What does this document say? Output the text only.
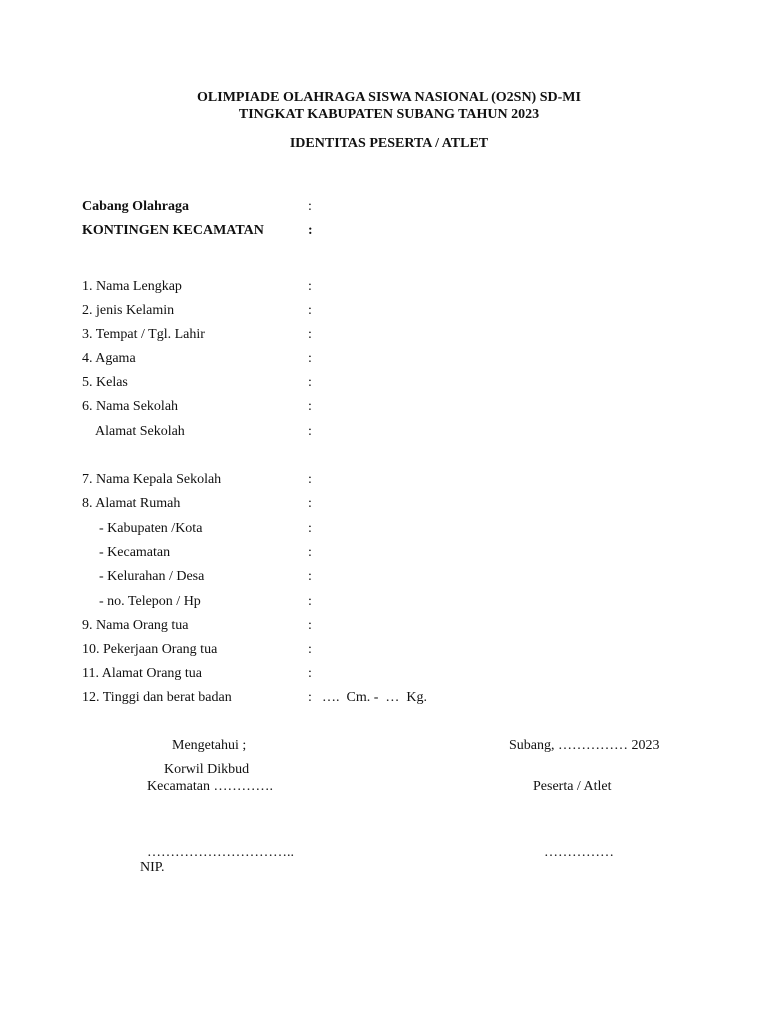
OLIMPIADE OLAHRAGA SISWA NASIONAL (O2SN) SD-MI
TINGKAT KABUPATEN SUBANG TAHUN 2023
IDENTITAS PESERTA / ATLET
Cabang Olahraga	:
KONTINGEN KECAMATAN	:
1. Nama Lengkap	:
2. jenis Kelamin	:
3. Tempat / Tgl. Lahir	:
4. Agama	:
5. Kelas	:
6. Nama Sekolah	:
Alamat Sekolah	:
7. Nama Kepala Sekolah	:
8. Alamat Rumah	:
- Kabupaten /Kota	:
- Kecamatan	:
- Kelurahan / Desa	:
- no. Telepon / Hp	:
9. Nama Orang tua	:
10. Pekerjaan Orang tua	:
11. Alamat Orang tua	:
12. Tinggi dan berat badan	: ….  Cm. -  …  Kg.
Mengetahui ;
Korwil Dikbud
Kecamatan ………….
…………………………..
NIP.
Subang, …………… 2023
Peserta / Atlet
……………
